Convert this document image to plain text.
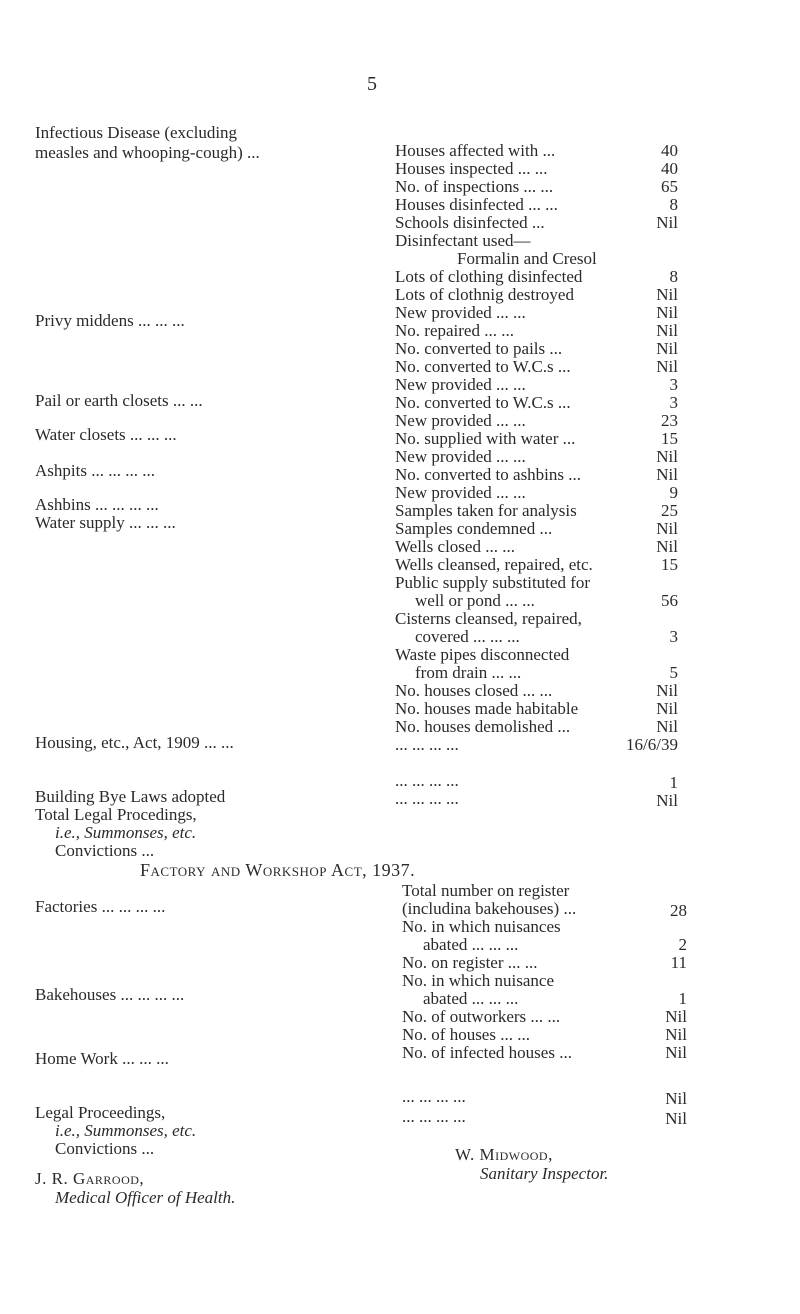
5
Infectious Disease (excluding
measles and whooping-cough) ...
Privy middens ... ... ...
Pail or earth closets ... ...
Water closets ... ... ...
Ashpits ... ... ... ...
Ashbins ... ... ... ...
Water supply ... ... ...
Housing, etc., Act, 1909 ... ...
Building Bye Laws adopted
Total Legal Procedings,
i.e., Summonses, etc.
Convictions ...
Factory and Workshop Act, 1937.
Factories ... ... ... ...
Bakehouses ... ... ... ...
Home Work ... ... ...
Legal Proceedings,
i.e., Summonses, etc.
Convictions ...
Houses affected with ...
Houses inspected ... ...
No. of inspections ... ...
Houses disinfected ... ...
Schools disinfected ...
Disinfectant used—
Formalin and Cresol
Lots of clothing disinfected
Lots of clothnig destroyed
New provided ... ...
No. repaired ... ...
No. converted to pails ...
No. converted to W.C.s ...
New provided ... ...
No. converted to W.C.s ...
New provided ... ...
No. supplied with water ...
New provided ... ...
No. converted to ashbins ...
New provided ... ...
Samples taken for analysis
Samples condemned ...
Wells closed ... ...
Wells cleansed, repaired, etc.
Public supply substituted for
well or pond ... ...
Cisterns cleansed, repaired,
covered ... ... ...
Waste pipes disconnected
from drain ... ...
No. houses closed ... ...
No. houses made habitable
No. houses demolished ...
... ... ... ...
... ... ... ...
... ... ... ...
40
40
65
8
Nil
8
Nil
Nil
Nil
Nil
Nil
3
3
23
15
Nil
Nil
9
25
Nil
Nil
15
56
3
5
Nil
Nil
Nil
16/6/39
1
Nil
Total number on register
(includina bakehouses) ...
No. in which nuisances
abated ... ... ...
No. on register ... ...
No. in which nuisance
abated ... ... ...
No. of outworkers ... ...
No. of houses ... ...
No. of infected houses ...
... ... ... ...
... ... ... ...
28
2
11
1
Nil
Nil
Nil
Nil
Nil
W. Midwood,
Sanitary Inspector.
J. R. Garrood,
Medical Officer of Health.
